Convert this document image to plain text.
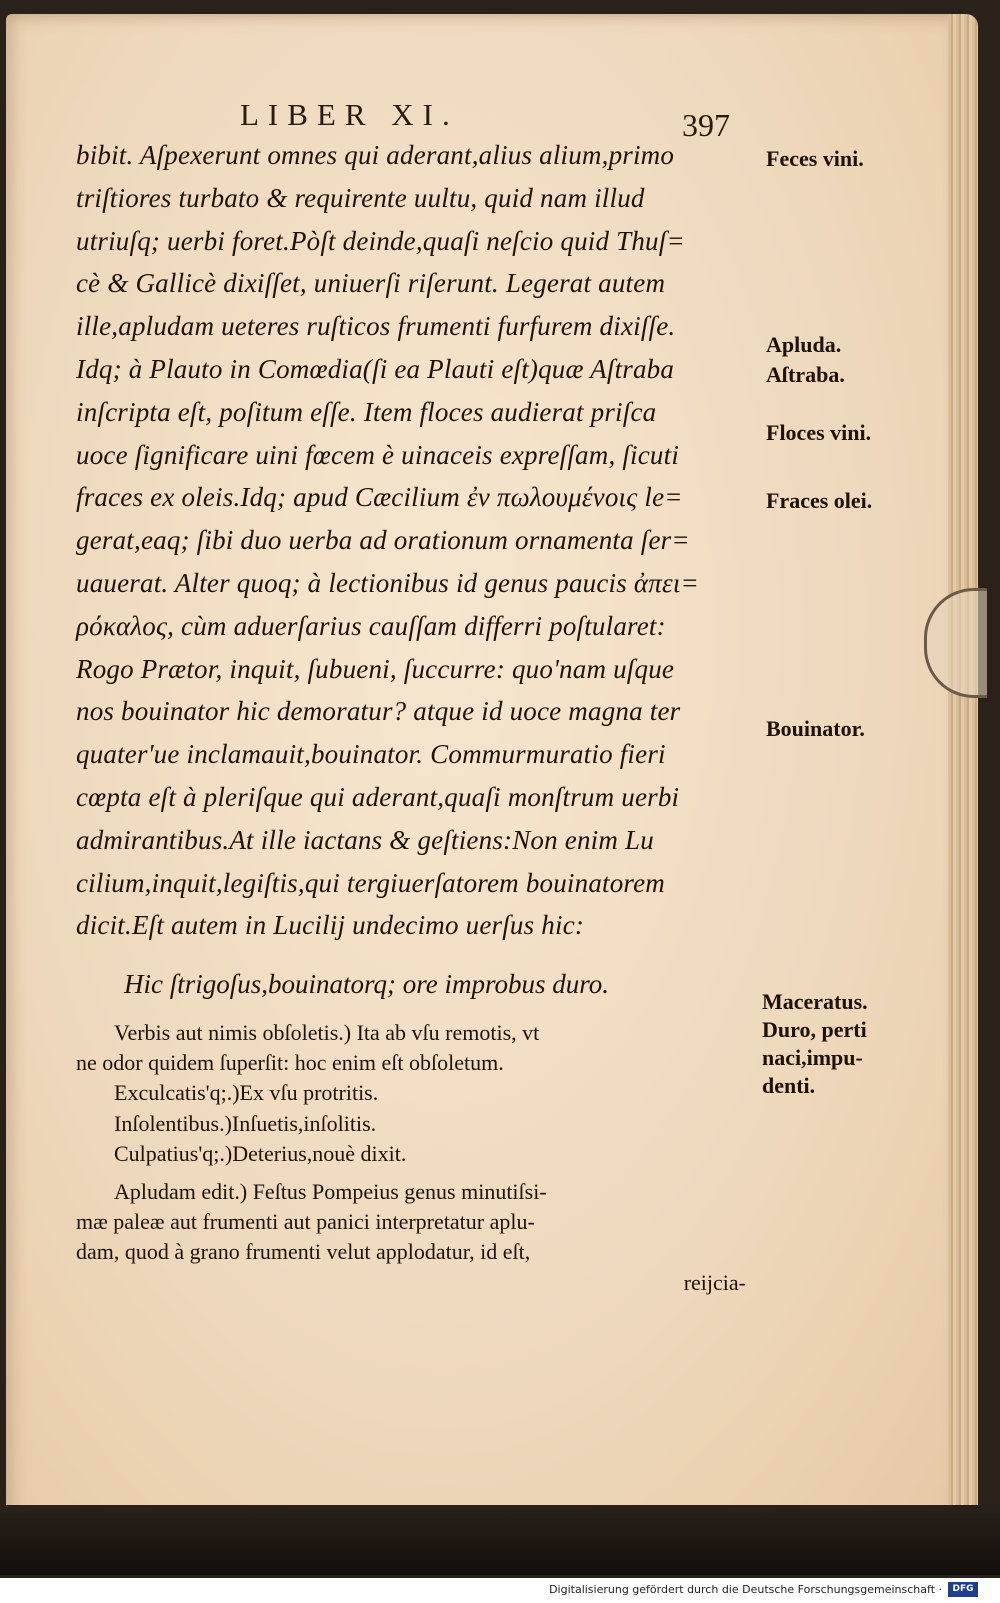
LIBER XI.	397
bibit. Aſpexerunt omnes qui aderant,alius alium,primo
triſtiores turbato & requirente uultu, quid nam illud
utriuſq; uerbi foret.Pòſt deinde,quaſi neſcio quid Thuſ=
cè & Gallicè dixiſſet, uniuerſi riſerunt. Legerat autem
ille,apludam ueteres ruſticos frumenti furfurem dixiſſe.
Idq; à Plauto in Comœdia(ſi ea Plauti eſt)quæ Aſtraba
inſcripta eſt, poſitum eſſe. Item floces audierat priſca
uoce ſignificare uini fœcem è uinaceis expreſſam, ſicuti
fraces ex oleis.Idq; apud Cæcilium ἐν πωλουμένοις le=
gerat,eaq; ſibi duo uerba ad orationum ornamenta ſer=
uauerat. Alter quoq; à lectionibus id genus paucis ἀπει=
ρόκαλος, cùm aduerſarius cauſſam differri poſtularet:
Rogo Prætor, inquit, ſubueni, ſuccurre: quo'nam uſque
nos bouinator hic demoratur? atque id uoce magna ter
quater'ue inclamauit,bouinator. Commurmuratio fieri
cœpta eſt à pleriſque qui aderant,quaſi monſtrum uerbi
admirantibus.At ille iactans & geſtiens:Non enim Lu
cilium,inquit,legiſtis,qui tergiuerſatorem bouinatorem
dicit.Eſt autem in Lucilij undecimo uerſus hic:
Hic ſtrigoſus,bouinatorq; ore improbus duro.
Verbis aut nimis obſoletis.) Ita ab vſu remotis, vt
ne odor quidem ſuperſit: hoc enim eſt obſoletum.
Exculcatis'q;.)Ex vſu protritis.
Inſolentibus.)Inſuetis,inſolitis.
Culpatius'q;.)Deterius,nouè dixit.
Apludam edit.) Feſtus Pompeius genus minutiſsi-
mæ paleæ aut frumenti aut panici interpretatur aplu-
dam, quod à grano frumenti velut applodatur, id eſt,
reijcia-
Feces vini.
Apluda.
Aſtraba.
Floces vini.
Fraces olei.
Bouinator.
Maceratus.
Duro, perti
naci,impu-
denti.
Digitalisierung gefördert durch die Deutsche Forschungsgemeinschaft ·	DFG
